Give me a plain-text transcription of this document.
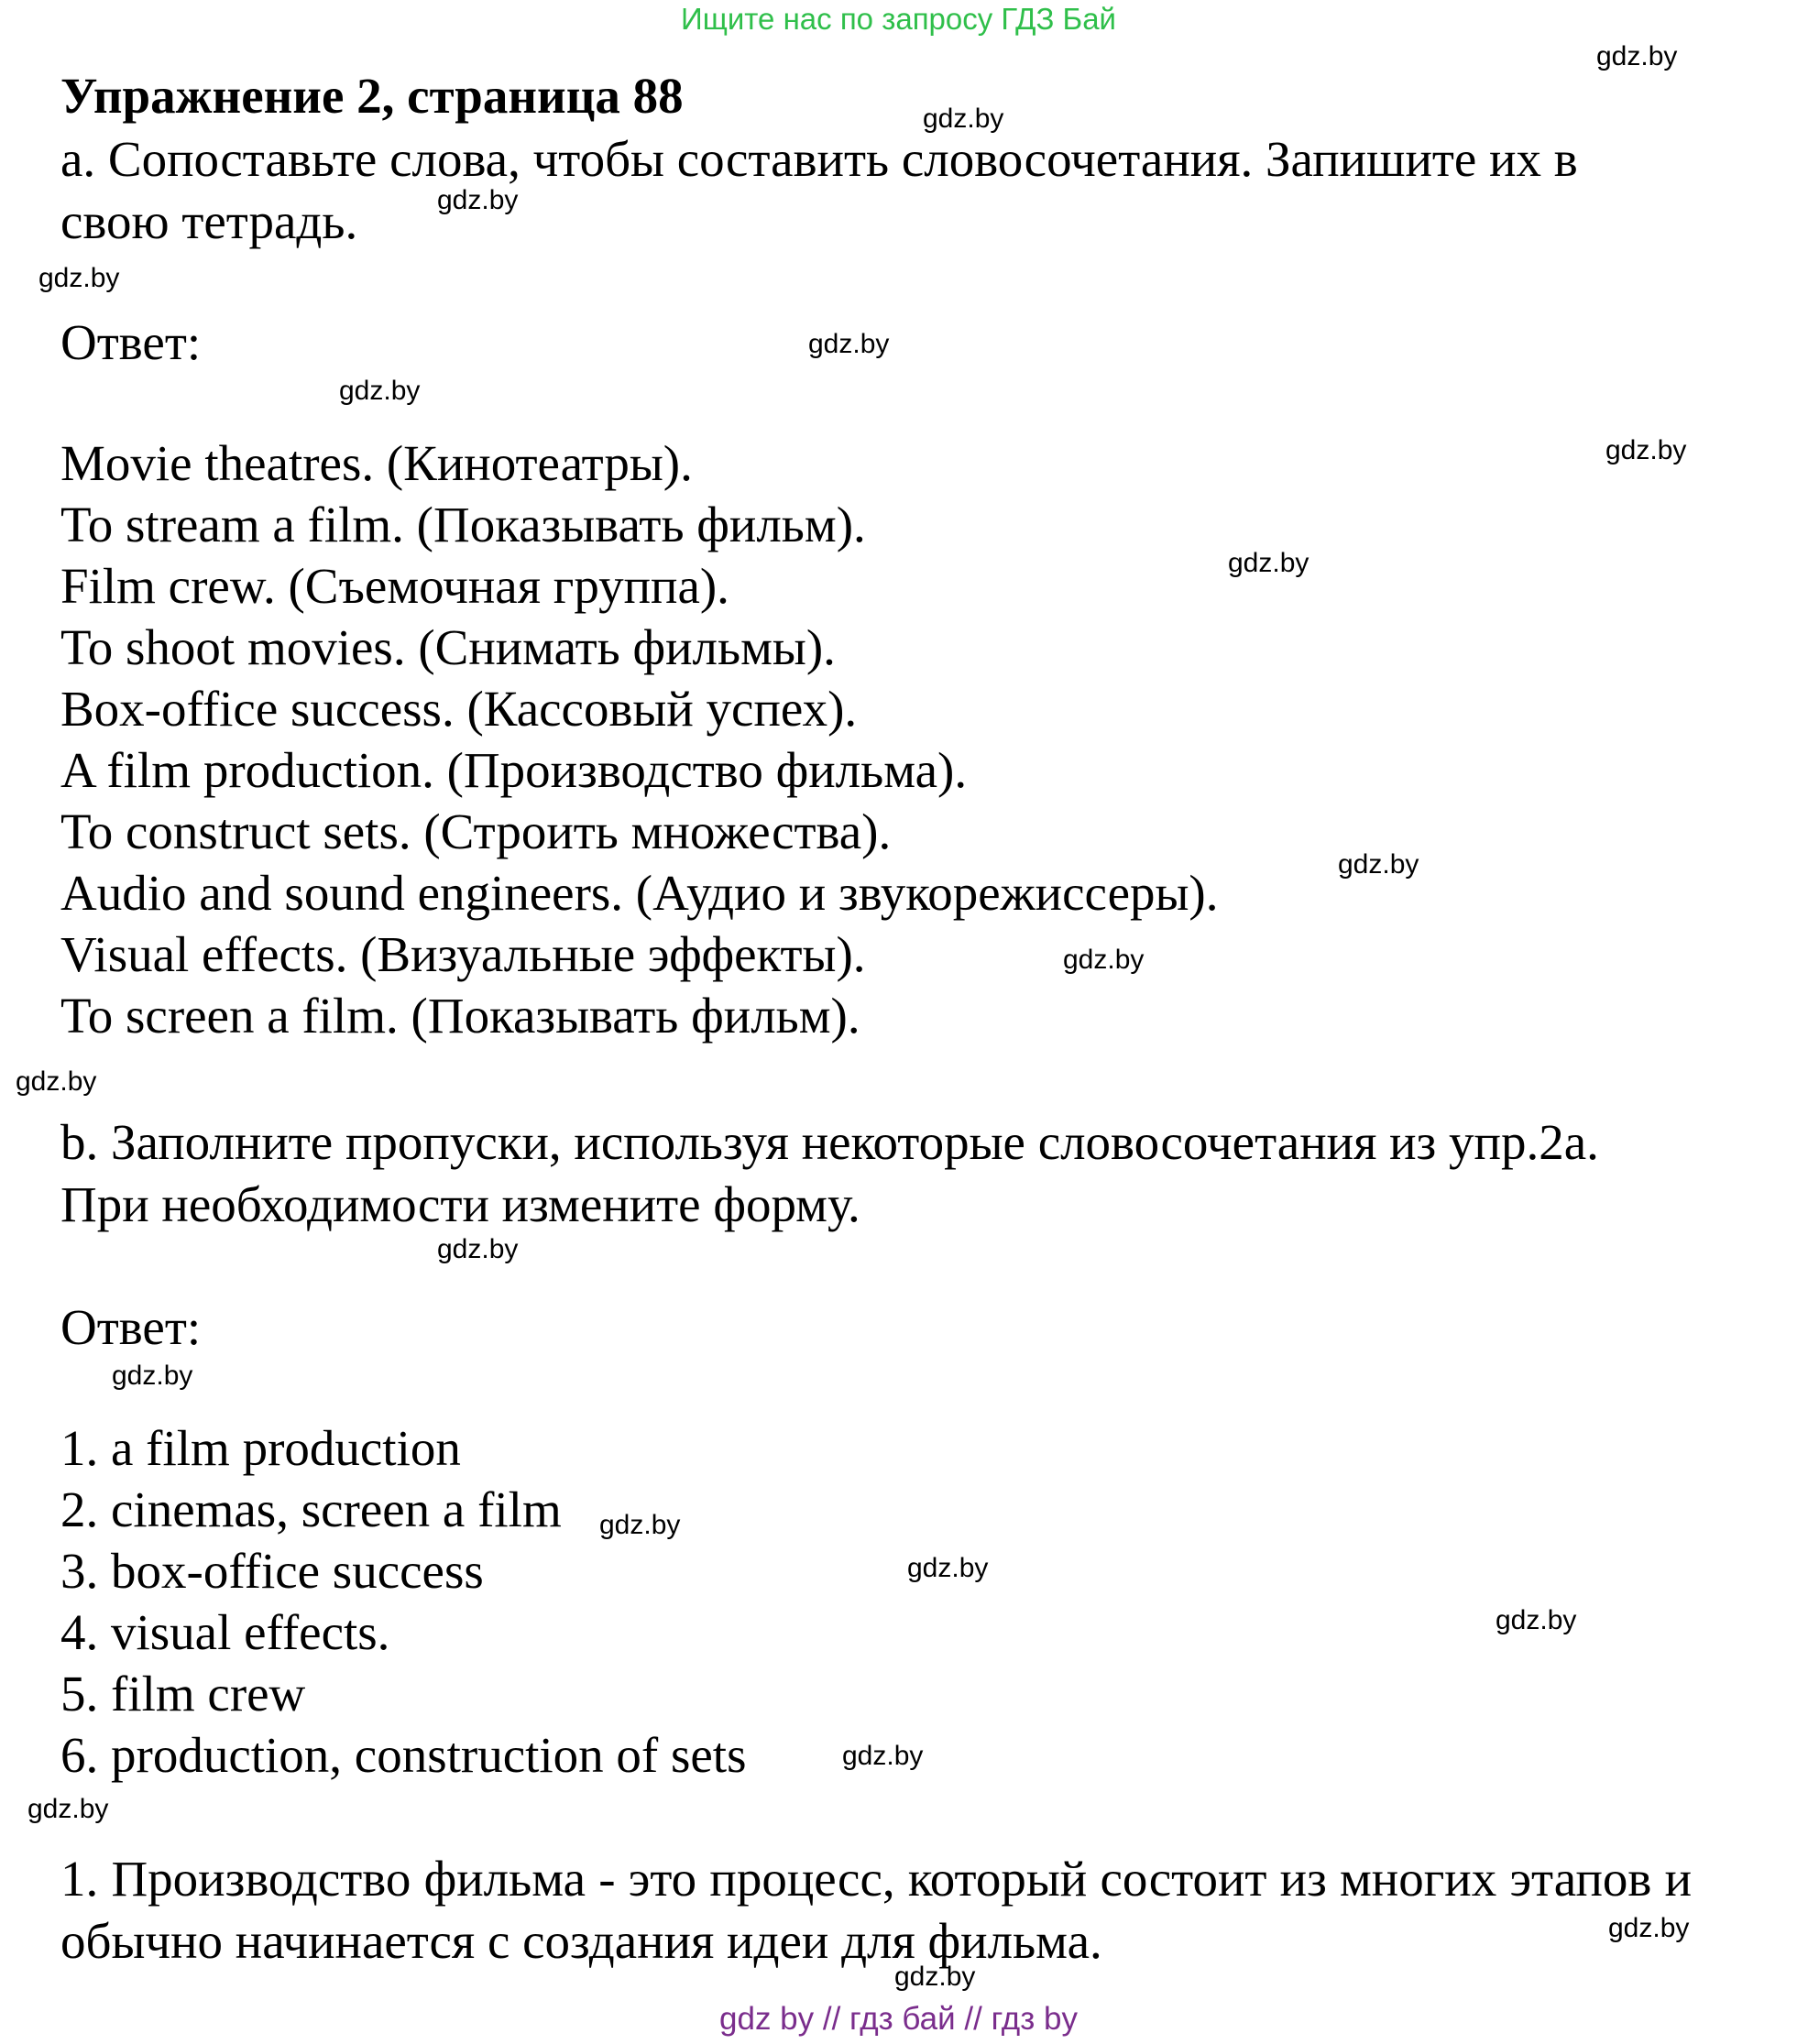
Ищите нас по запросу ГДЗ Бай
Упражнение 2, страница 88
a. Сопоставьте слова, чтобы составить словосочетания. Запишите их в свою тетрадь.
Ответ:
Movie theatres. (Кинотеатры).
To stream a film. (Показывать фильм).
Film crew. (Съемочная группа).
To shoot movies. (Снимать фильмы).
Box-office success. (Кассовый успех).
A film production. (Производство фильма).
To construct sets. (Строить множества).
Audio and sound engineers. (Аудио и звукорежиссеры).
Visual effects. (Визуальные эффекты).
To screen a film. (Показывать фильм).
b. Заполните пропуски, используя некоторые словосочетания из упр.2a. При необходимости измените форму.
Ответ:
1. a film production
2. cinemas, screen a film
3. box-office success
4. visual effects.
5. film crew
6. production, construction of sets
1. Производство фильма - это процесс, который состоит из многих этапов и обычно начинается с создания идеи для фильма.
gdz.by
gdz.by
gdz.by
gdz.by
gdz.by
gdz.by
gdz.by
gdz.by
gdz.by
gdz.by
gdz.by
gdz.by
gdz.by
gdz.by
gdz.by
gdz.by
gdz.by
gdz.by
gdz.by
gdz.by
gdz by // гдз бай // гдз by
